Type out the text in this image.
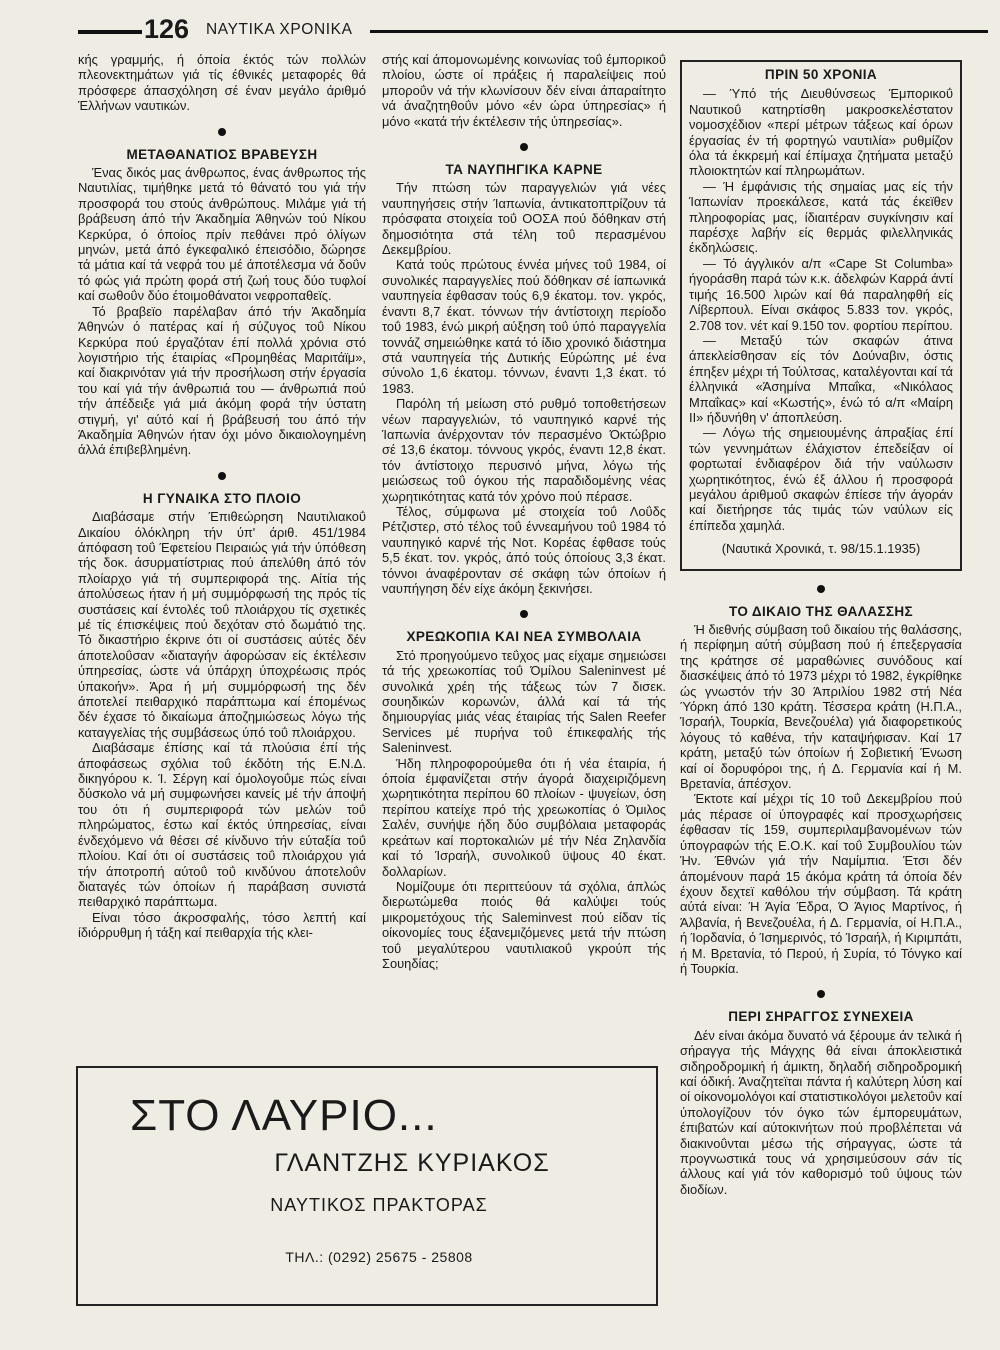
126	ΝΑΥΤΙΚΑ ΧΡΟΝΙΚΑ

κής γραμμής, ή όποία έκτός τών πολλών πλεονεκτημάτων γιά τίς έθνικές μεταφορές θά πρόσφερε άπασχόληση σέ έναν μεγάλο άριθμό Έλλήνων ναυτικών.

ΜΕΤΑΘΑΝΑΤΙΟΣ ΒΡΑΒΕΥΣΗ

Ένας δικός μας άνθρωπος, ένας άνθρωπος τής Ναυτιλίας, τιμήθηκε μετά τό θάνατό του γιά τήν προσφορά του στούς άνθρώπους. Μιλάμε γιά τή βράβευση άπό τήν Άκαδημία Άθηνών τού Νίκου Κερκύρα, ό όποίος πρίν πεθάνει πρό όλίγων μηνών, μετά άπό έγκεφαλικό έπεισόδιο, δώρησε τά μάτια καί τά νεφρά του μέ άποτέλεσμα νά δοΰν τό φώς γιά πρώτη φορά στή ζωή τους δύο τυφλοί καί σωθοΰν δύο έτοιμοθάνατοι νεφροπαθεϊς.

Τό βραβεϊο παρέλαβαν άπό τήν Άκαδημία Άθηνών ό πατέρας καί ή σύζυγος τοΰ Νίκου Κερκύρα πού έργαζόταν έπί πολλά χρόνια στό λογιστήριο τής έταιρίας «Προμηθέας Μαριτάϊμ», καί διακρινόταν γιά τήν προσήλωση στήν έργασία του καί γιά τήν άνθρωπιά του — άνθρωπιά πού τήν άπέδειξε γιά μιά άκόμη φορά τήν ύστατη στιγμή, γι' αύτό καί ή βράβευσή του άπό τήν Άκαδημία Άθηνών ήταν όχι μόνο δικαιολογημένη άλλά έπιβεβλημένη.

Η ΓΥΝΑΙΚΑ ΣΤΟ ΠΛΟΙΟ

Διαβάσαμε στήν Έπιθεώρηση Ναυτιλιακοΰ Δικαίου όλόκληρη τήν ύπ' άριθ. 451/1984 άπόφαση τοΰ Έφετείου Πειραιώς γιά τήν ύπόθεση τής δοκ. άσυρματίστριας πού άπελύθη άπό τόν πλοίαρχο γιά τή συμπεριφορά της. Αίτία τής άπολύσεως ήταν ή μή συμμόρφωσή της πρός τίς συστάσεις καί έντολές τοΰ πλοιάρχου τίς σχετικές μέ τίς έπισκέψεις πού δεχόταν στό δωμάτιό της. Τό δικαστήριο έκρινε ότι οί συστάσεις αύτές δέν άποτελοΰσαν «διαταγήν άφορώσαν είς έκτέλεσιν ύπηρεσίας, ώστε νά ύπάρχη ύποχρέωσις πρός ύπακοήν». Άρα ή μή συμμόρφωσή της δέν άποτελεί πειθαρχικό παράπτωμα καί έπομένως δέν έχασε τό δικαίωμα άποζημιώσεως λόγω τής καταγγελίας τής συμβάσεως ύπό τοΰ πλοιάρχου.

Διαβάσαμε έπίσης καί τά πλούσια έπί τής άποφάσεως σχόλια τοΰ έκδότη τής Ε.Ν.Δ. δικηγόρου κ. Ί. Σέργη καί όμολογοΰμε πώς είναι δύσκολο νά μή συμφωνήσει κανείς μέ τήν άποψή του ότι ή συμπεριφορά τών μελών τοΰ πληρώματος, έστω καί έκτός ύπηρεσίας, είναι ένδεχόμενο νά θέσει σέ κίνδυνο τήν εύταξία τοΰ πλοίου. Καί ότι οί συστάσεις τοΰ πλοιάρχου γιά τήν άποτροπή αύτοΰ τοΰ κινδύνου άποτελοΰν διαταγές τών όποίων ή παράβαση συνιστά πειθαρχικό παράπτωμα.

Είναι τόσο άκροσφαλής, τόσο λεπτή καί ίδιόρρυθμη ή τάξη καί πειθαρχία τής κλει-

στής καί άπομονωμένης κοινωνίας τοΰ έμπορικοΰ πλοίου, ώστε οί πράξεις ή παραλείψεις πού μπορoΰν νά τήν κλωνίσουν δέν είναι άπαραίτητο νά άναζητηθοΰν μόνο «έν ώρα ύπηρεσίας» ή μόνο «κατά τήν έκτέλεσιν τής ύπηρεσίας».

ΤΑ ΝΑΥΠΗΓΙΚΑ ΚΑΡΝΕ

Τήν πτώση τών παραγγελιών γιά νέες ναυπηγήσεις στήν Ίαπωνία, άντικατοπτρίζουν τά πρόσφατα στοιχεία τοΰ ΟΟΣΑ πού δόθηκαν στή δημοσιότητα στά τέλη τοΰ περασμένου Δεκεμβρίου.

Κατά τούς πρώτους έννέα μήνες τοΰ 1984, οί συνολικές παραγγελίες πού δόθηκαν σέ ίαπωνικά ναυπηγεία έφθασαν τούς 6,9 έκατομ. τον. γκρός, έναντι 8,7 έκατ. τόννων τήν άντίστοιχη περίοδο τοΰ 1983, ένώ μικρή αύξηση τοΰ ύπό παραγγελία τοννάζ σημειώθηκε κατά τό ίδιο χρονικό διάστημα στά ναυπηγεία τής Δυτικής Εύρώπης μέ ένα σύνολο 1,6 έκατομ. τόννων, έναντι 1,3 έκατ. τό 1983.

Παρόλη τή μείωση στό ρυθμό τοποθετήσεων νέων παραγγελιών, τό ναυπηγικό καρνέ τής Ίαπωνία άνέρχονταν τόν περασμένο Όκτώβριο σέ 13,6 έκατομ. τόννους γκρός, έναντι 12,8 έκατ. τόν άντίστοιχο περυσινό μήνα, λόγω τής μειώσεως τοΰ όγκου τής παραδιδομένης νέας χωρητικότητας κατά τόν χρόνο πού πέρασε.

Τέλος, σύμφωνα μέ στοιχεία τοΰ Λοΰδς Ρέτζιστερ, στό τέλος τοΰ έννεαμήνου τοΰ 1984 τό ναυπηγικό καρνέ τής Νοτ. Κορέας έφθασε τούς 5,5 έκατ. τον. γκρός, άπό τούς όποίους 3,3 έκατ. τόννοι άναφέρονταν σέ σκάφη τών όποίων ή ναυπήγηση δέν είχε άκόμη ξεκινήσει.

ΧΡΕΩΚΟΠΙΑ ΚΑΙ ΝΕΑ ΣΥΜΒΟΛΑΙΑ

Στό προηγούμενο τεΰχος μας είχαμε σημειώσει τά τής χρεωκοπίας τοΰ Όμίλου Saleninvest μέ συνολικά χρέη τής τάξεως τών 7 δισεκ. σουηδικών κορωνών, άλλά καί τά τής δημιουργίας μιάς νέας έταιρίας τής Salen Reefer Services μέ πυρήνα τοΰ έπικεφαλής τής Saleninvest.

Ήδη πληροφορούμεθα ότι ή νέα έταιρία, ή όποία έμφανίζεται στήν άγορά διαχειριζόμενη χωρητικότητα περίπου 60 πλοίων - ψυγείων, όση περίπου κατείχε πρό τής χρεωκοπίας ό Όμιλος Σαλέν, συνήψε ήδη δύο συμβόλαια μεταφοράς κρεάτων καί πορτοκαλιών μέ τήν Νέα Ζηλανδία καί τό Ίσραήλ, συνολικοΰ ϋψους 40 έκατ. δολλαρίων.

Νομίζουμε ότι περιττεύουν τά σχόλια, άπλώς διερωτώμεθα ποιός θά καλύψει τούς μικρομετόχους τής Saleminvest πού είδαν τίς οίκονομίες τους έξανεμιζόμενες μετά τήν πτώση τοΰ μεγαλύτερου ναυτιλιακοΰ γκρούπ τής Σουηδίας;

ΠΡΙΝ 50 ΧΡΟΝΙΑ

— Ύπό τής Διευθύνσεως Έμπορικοΰ Ναυτικοΰ κατηρτίσθη μακροσκελέστατον νομοσχέδιον «περί μέτρων τάξεως καί όρων έργασίας έν τή φορτηγώ ναυτιλία» ρυθμίζον όλα τά έκκρεμή καί έπίμαχα ζητήματα μεταξύ πλοιοκτητών καί πληρωμάτων.

— Ή έμφάνισις τής σημαίας μας είς τήν Ίαπωνίαν προεκάλεσε, κατά τάς έκεϊθεν πληροφορίας μας, ίδιαιτέραν συγκίνησιν καί παρέσχε λαβήν είς θερμάς φιλελληνικάς έκδηλώσεις.

— Τό άγγλικόν α/π «Cape St Columba» ήγοράσθη παρά τών κ.κ. άδελφών Καρρά άντί τιμής 16.500 λιρών καί θά παραληφθή είς Λίβερπουλ. Είναι σκάφος 5.833 τον. γκρός, 2.708 τον. νέτ καί 9.150 τον. φορτίου περίπου.

— Μεταξύ τών σκαφών άτινα άπεκλείσθησαν είς τόν Δούναβιν, όστις έπηξεν μέχρι τή Τούλτσας, καταλέγονται καί τά έλληνικά «Άσημίνα Μπαΐκα, «Νικόλαος Μπαΐκας» καί «Κωστής», ένώ τό α/π «Μαίρη ΙΙ» ήδυνήθη ν' άποπλεύση.

— Λόγω τής σημειουμένης άπραξίας έπί τών γεννημάτων έλάχιστον έπεδείξαν οί φορτωταί ένδιαφέρον διά τήν ναύλωσιν χωρητικότητος, ένώ έξ άλλου ή προσφορά μεγάλου άριθμοΰ σκαφών έπίεσε τήν άγοράν καί διετήρησε τάς τιμάς τών ναύλων είς έπίπεδα χαμηλά.

(Ναυτικά Χρονικά, τ. 98/15.1.1935)

ΤΟ ΔΙΚΑΙΟ ΤΗΣ ΘΑΛΑΣΣΗΣ

Ή διεθνής σύμβαση τοΰ δικαίου τής θαλάσσης, ή περίφημη αύτή σύμβαση πού ή έπεξεργασία της κράτησε σέ μαραθώνιες συνόδους καί διασκέψεις άπό τό 1973 μέχρι τό 1982, έγκρίθηκε ώς γνωστόν τήν 30 Άπριλίου 1982 στή Νέα Ύόρκη άπό 130 κράτη. Τέσσερα κράτη (Η.Π.Α., Ίσραήλ, Τουρκία, Βενεζουέλα) γιά διαφορετικούς λόγους τό καθένα, τήν καταψήφισαν. Καί 17 κράτη, μεταξύ τών όποίων ή Σοβιετική Ένωση καί οί δορυφόροι της, ή Δ. Γερμανία καί ή Μ. Βρετανία, άπέσχον.

Έκτοτε καί μέχρι τίς 10 τοΰ Δεκεμβρίου πού μάς πέρασε οί ύπογραφές καί προσχωρήσεις έφθασαν τίς 159, συμπεριλαμβανομένων τών ύπογραφών τής Ε.Ο.Κ. καί τοΰ Συμβουλίου τών Ήν. Έθνών γιά τήν Ναμίμπια. Έτσι δέν άπομένουν παρά 15 άκόμα κράτη τά όποία δέν έχουν δεχτεϊ καθόλου τήν σύμβαση. Τά κράτη αύτά είναι: Ή Άγία Έδρα, Ό Άγιος Μαρτίνος, ή Άλβανία, ή Βενεζουέλα, ή Δ. Γερμανία, οί Η.Π.Α., ή Ίορδανία, ό Ίσημερινός, τό Ίσραήλ, ή Κιριμπάτι, ή Μ. Βρετανία, τό Περού, ή Συρία, τό Τόνγκο καί ή Τουρκία.

ΠΕΡΙ ΣΗΡΑΓΓΟΣ ΣΥΝΕΧΕΙΑ

Δέν είναι άκόμα δυνατό νά ξέρουμε άν τελικά ή σήραγγα τής Μάγχης θά είναι άποκλειστικά σιδηροδρομική ή άμικτη, δηλαδή σιδηροδρομική καί όδική. Άναζητεϊται πάντα ή καλύτερη λύση καί οί οίκονομολόγοι καί στατιστικολόγοι μελετοΰν καί ύπολογίζουν τόν όγκο τών έμπορευμάτων, έπιβατών καί αύτοκινήτων πού προβλέπεται νά διακινοΰνται μέσω τής σήραγγας, ώστε τά προγνωστικά τους νά χρησιμεύσουν σάν τίς άλλους καί γιά τόν καθορισμό τοΰ ύψους τών διοδίων.

ΣΤΟ ΛΑΥΡΙΟ...
ΓΛΑΝΤΖΗΣ ΚΥΡΙΑΚΟΣ
ΝΑΥΤΙΚΟΣ ΠΡΑΚΤΟΡΑΣ
ΤΗΛ.: (0292) 25675 - 25808
